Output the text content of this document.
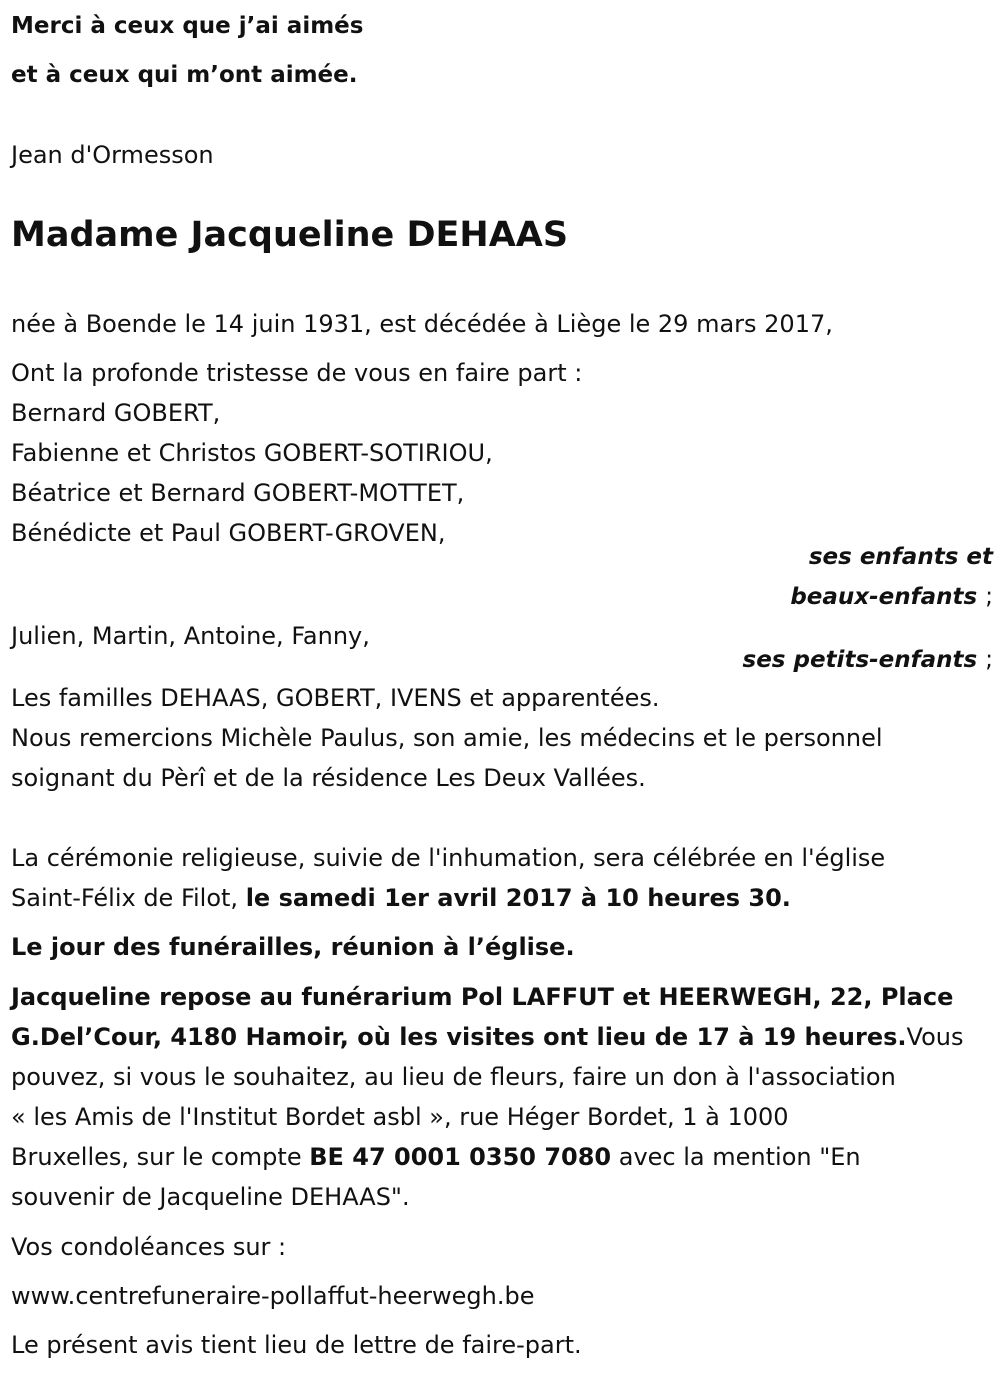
Merci à ceux que j’ai aimés
et à ceux qui m’ont aimée.
Jean d'Ormesson
Madame Jacqueline DEHAAS
née à Boende le 14 juin 1931, est décédée à Liège le 29 mars 2017,
Ont la profonde tristesse de vous en faire part :
Bernard GOBERT,
Fabienne et Christos GOBERT-SOTIRIOU,
Béatrice et Bernard GOBERT-MOTTET,
Bénédicte et Paul GOBERT-GROVEN,
ses enfants et
beaux-enfants ;
Julien, Martin, Antoine, Fanny,
ses petits-enfants ;
Les familles DEHAAS, GOBERT, IVENS et apparentées.
Nous remercions Michèle Paulus, son amie, les médecins et le personnel
soignant du Pèrî et de la résidence Les Deux Vallées.
La cérémonie religieuse, suivie de l'inhumation, sera célébrée en l'église
Saint-Félix de Filot, le samedi 1er avril 2017 à 10 heures 30.
Le jour des funérailles, réunion à l’église.
Jacqueline repose au funérarium Pol LAFFUT et HEERWEGH, 22, Place
G.Del’Cour, 4180 Hamoir, où les visites ont lieu de 17 à 19 heures.Vous
pouvez, si vous le souhaitez, au lieu de fleurs, faire un don à l'association
« les Amis de l'Institut Bordet asbl », rue Héger Bordet, 1 à 1000
Bruxelles, sur le compte BE 47 0001 0350 7080 avec la mention "En
souvenir de Jacqueline DEHAAS".
Vos condoléances sur :
www.centrefuneraire-pollaffut-heerwegh.be
Le présent avis tient lieu de lettre de faire-part.
